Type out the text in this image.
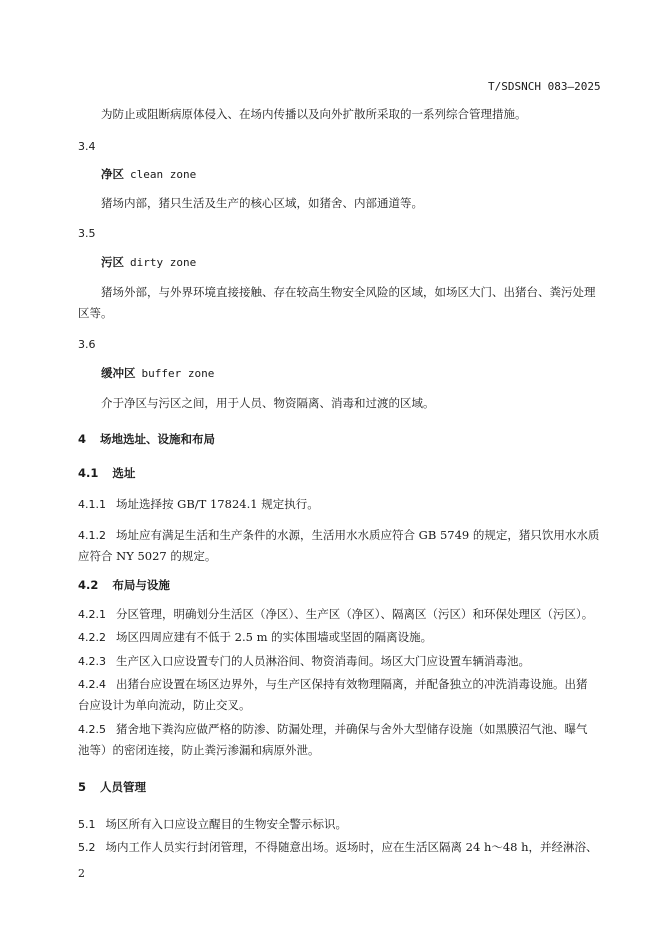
T/SDSNCH 083—2025
为防止或阻断病原体侵入、在场内传播以及向外扩散所采取的一系列综合管理措施。
3.4
净区 clean zone
猪场内部，猪只生活及生产的核心区域，如猪舍、内部通道等。
3.5
污区 dirty zone
猪场外部，与外界环境直接接触、存在较高生物安全风险的区域，如场区大门、出猪台、粪污处理
区等。
3.6
缓冲区 buffer zone
介于净区与污区之间，用于人员、物资隔离、消毒和过渡的区域。
4 场地选址、设施和布局
4.1 选址
4.1.1 场址选择按 GB/T 17824.1 规定执行。
4.1.2 场址应有满足生活和生产条件的水源，生活用水水质应符合 GB 5749 的规定，猪只饮用水水质
应符合 NY 5027 的规定。
4.2 布局与设施
4.2.1 分区管理，明确划分生活区（净区）、生产区（净区）、隔离区（污区）和环保处理区（污区）。
4.2.2 场区四周应建有不低于 2.5 m 的实体围墙或坚固的隔离设施。
4.2.3 生产区入口应设置专门的人员淋浴间、物资消毒间。场区大门应设置车辆消毒池。
4.2.4 出猪台应设置在场区边界外，与生产区保持有效物理隔离，并配备独立的冲洗消毒设施。出猪
台应设计为单向流动，防止交叉。
4.2.5 猪舍地下粪沟应做严格的防渗、防漏处理，并确保与舍外大型储存设施（如黑膜沼气池、曝气
池等）的密闭连接，防止粪污渗漏和病原外泄。
5 人员管理
5.1 场区所有入口应设立醒目的生物安全警示标识。
5.2 场内工作人员实行封闭管理，不得随意出场。返场时，应在生活区隔离 24 h～48 h，并经淋浴、
2
